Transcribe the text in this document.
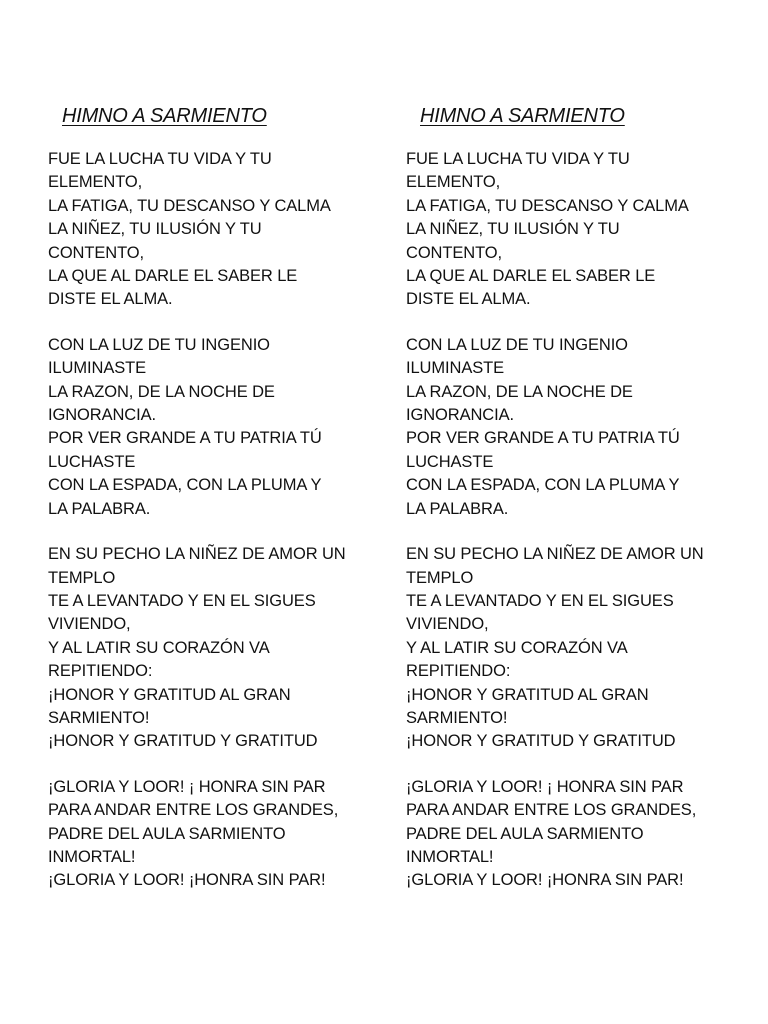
HIMNO A SARMIENTO
FUE LA LUCHA TU VIDA Y TU
ELEMENTO,
LA FATIGA, TU DESCANSO Y CALMA
LA NIÑEZ, TU ILUSIÓN Y TU
CONTENTO,
LA QUE AL DARLE EL SABER LE
DISTE EL ALMA.
CON LA LUZ DE TU INGENIO
ILUMINASTE
LA RAZON, DE LA NOCHE DE
IGNORANCIA.
POR VER GRANDE A TU PATRIA TÚ
LUCHASTE
CON LA ESPADA, CON LA PLUMA Y
LA PALABRA.
EN SU PECHO LA NIÑEZ DE AMOR UN
TEMPLO
TE A LEVANTADO Y EN EL SIGUES
VIVIENDO,
Y AL LATIR SU CORAZÓN VA
REPITIENDO:
¡HONOR Y GRATITUD AL GRAN
SARMIENTO!
¡HONOR Y GRATITUD Y GRATITUD
¡GLORIA Y LOOR! ¡ HONRA SIN PAR
PARA ANDAR ENTRE LOS GRANDES,
PADRE DEL AULA SARMIENTO
INMORTAL!
¡GLORIA Y LOOR! ¡HONRA SIN PAR!
HIMNO A SARMIENTO
FUE LA LUCHA TU VIDA Y TU
ELEMENTO,
LA FATIGA, TU DESCANSO Y CALMA
LA NIÑEZ, TU ILUSIÓN Y TU
CONTENTO,
LA QUE AL DARLE EL SABER LE
DISTE EL ALMA.
CON LA LUZ DE TU INGENIO
ILUMINASTE
LA RAZON, DE LA NOCHE DE
IGNORANCIA.
POR VER GRANDE A TU PATRIA TÚ
LUCHASTE
CON LA ESPADA, CON LA PLUMA Y
LA PALABRA.
EN SU PECHO LA NIÑEZ DE AMOR UN
TEMPLO
TE A LEVANTADO Y EN EL SIGUES
VIVIENDO,
Y AL LATIR SU CORAZÓN VA
REPITIENDO:
¡HONOR Y GRATITUD AL GRAN
SARMIENTO!
¡HONOR Y GRATITUD Y GRATITUD
¡GLORIA Y LOOR! ¡ HONRA SIN PAR
PARA ANDAR ENTRE LOS GRANDES,
PADRE DEL AULA SARMIENTO
INMORTAL!
¡GLORIA Y LOOR! ¡HONRA SIN PAR!
